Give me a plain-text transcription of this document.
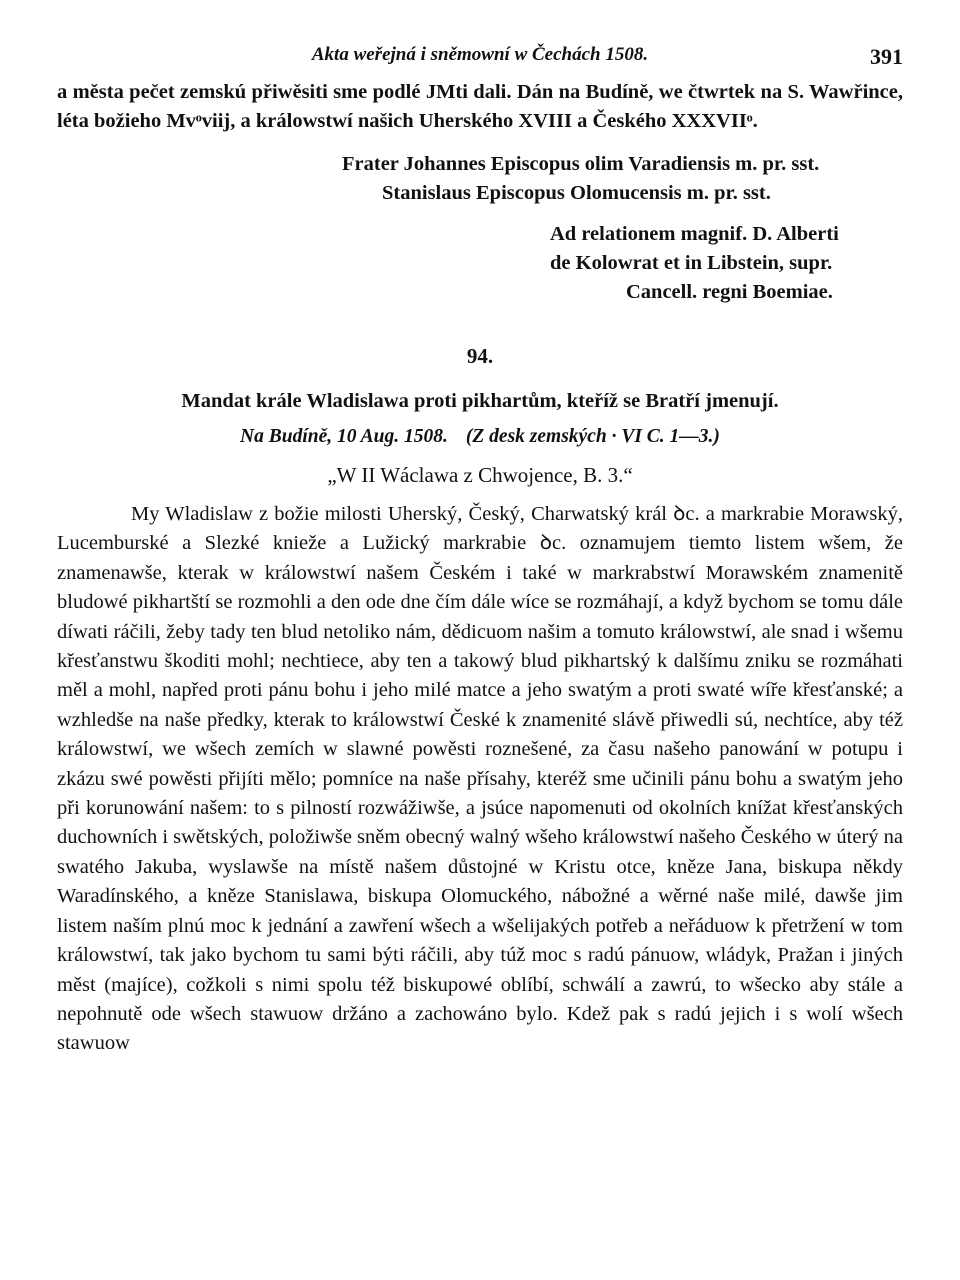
Akta weřejná i sněmowní w Čechách 1508.	391

a města pečet zemskú přiwěsiti sme podlé JMti dali. Dán na Budíně, we čtwrtek na S. Wawřince, léta božieho Mvᵒviij, a králowstwí našich Uherského XVIII a Českého XXXVIIᵒ.

Frater Johannes Episcopus olim Varadiensis m. pr. sst.

Stanislaus Episcopus Olomucensis m. pr. sst.

Ad relationem magnif. D. Alberti

de Kolowrat et in Libstein, supr.

Cancell. regni Boemiae.

94.
Mandat krále Wladislawa proti pikhartům, kteříž se Bratří jmenují.
Na Budíně, 10 Aug. 1508. (Z desk zemských · VI C. 1—3.)
„W II Wáclawa z Chwojence, B. 3.“

My Wladislaw z božie milosti Uherský, Český, Charwatský král ꝺc. a markrabie Morawský, Lucemburské a Slezké knieže a Lužický markrabie ꝺc. oznamujem tiemto listem wšem, že znamenawše, kterak w králowstwí našem Českém i také w markrabstwí Morawském znamenitě bludowé pikhartští se rozmohli a den ode dne čím dále wíce se rozmáhají, a když bychom se tomu dále díwati ráčili, žeby tady ten blud netoliko nám, dědicuom našim a tomuto králowstwí, ale snad i wšemu křesťanstwu škoditi mohl; nechtiece, aby ten a takowý blud pikhartský k dalšímu zniku se rozmáhati měl a mohl, napřed proti pánu bohu i jeho milé matce a jeho swatým a proti swaté wíře křesťanské; a wzhledše na naše předky, kterak to králowstwí České k znamenité slávě přiwedli sú, nechtíce, aby též králowstwí, we wšech zemích w slawné powěsti roznešené, za času našeho panowání w potupu i zkázu swé powěsti přijíti mělo; pomníce na naše přísahy, kteréž sme učinili pánu bohu a swatým jeho při korunowání našem: to s pilností rozwážiwše, a jsúce napomenuti od okolních knížat křesťanských duchowních i swětských, položiwše sněm obecný walný wšeho králowstwí našeho Českého w úterý na swatého Jakuba, wyslawše na místě našem důstojné w Kristu otce, kněze Jana, biskupa někdy Waradínského, a kněze Stanislawa, biskupa Olomuckého, nábožné a wěrné naše milé, dawše jim listem naším plnú moc k jednání a zawření wšech a wšelijakých potřeb a neřáduow k přetržení w tom králowstwí, tak jako bychom tu sami býti ráčili, aby túž moc s radú pánuow, wládyk, Pražan i jiných měst (majíce), cožkoli s nimi spolu též biskupowé oblíbí, schwálí a zawrú, to wšecko aby stále a nepohnutě ode wšech stawuow držáno a zachowáno bylo. Kdež pak s radú jejich i s wolí wšech stawuow
